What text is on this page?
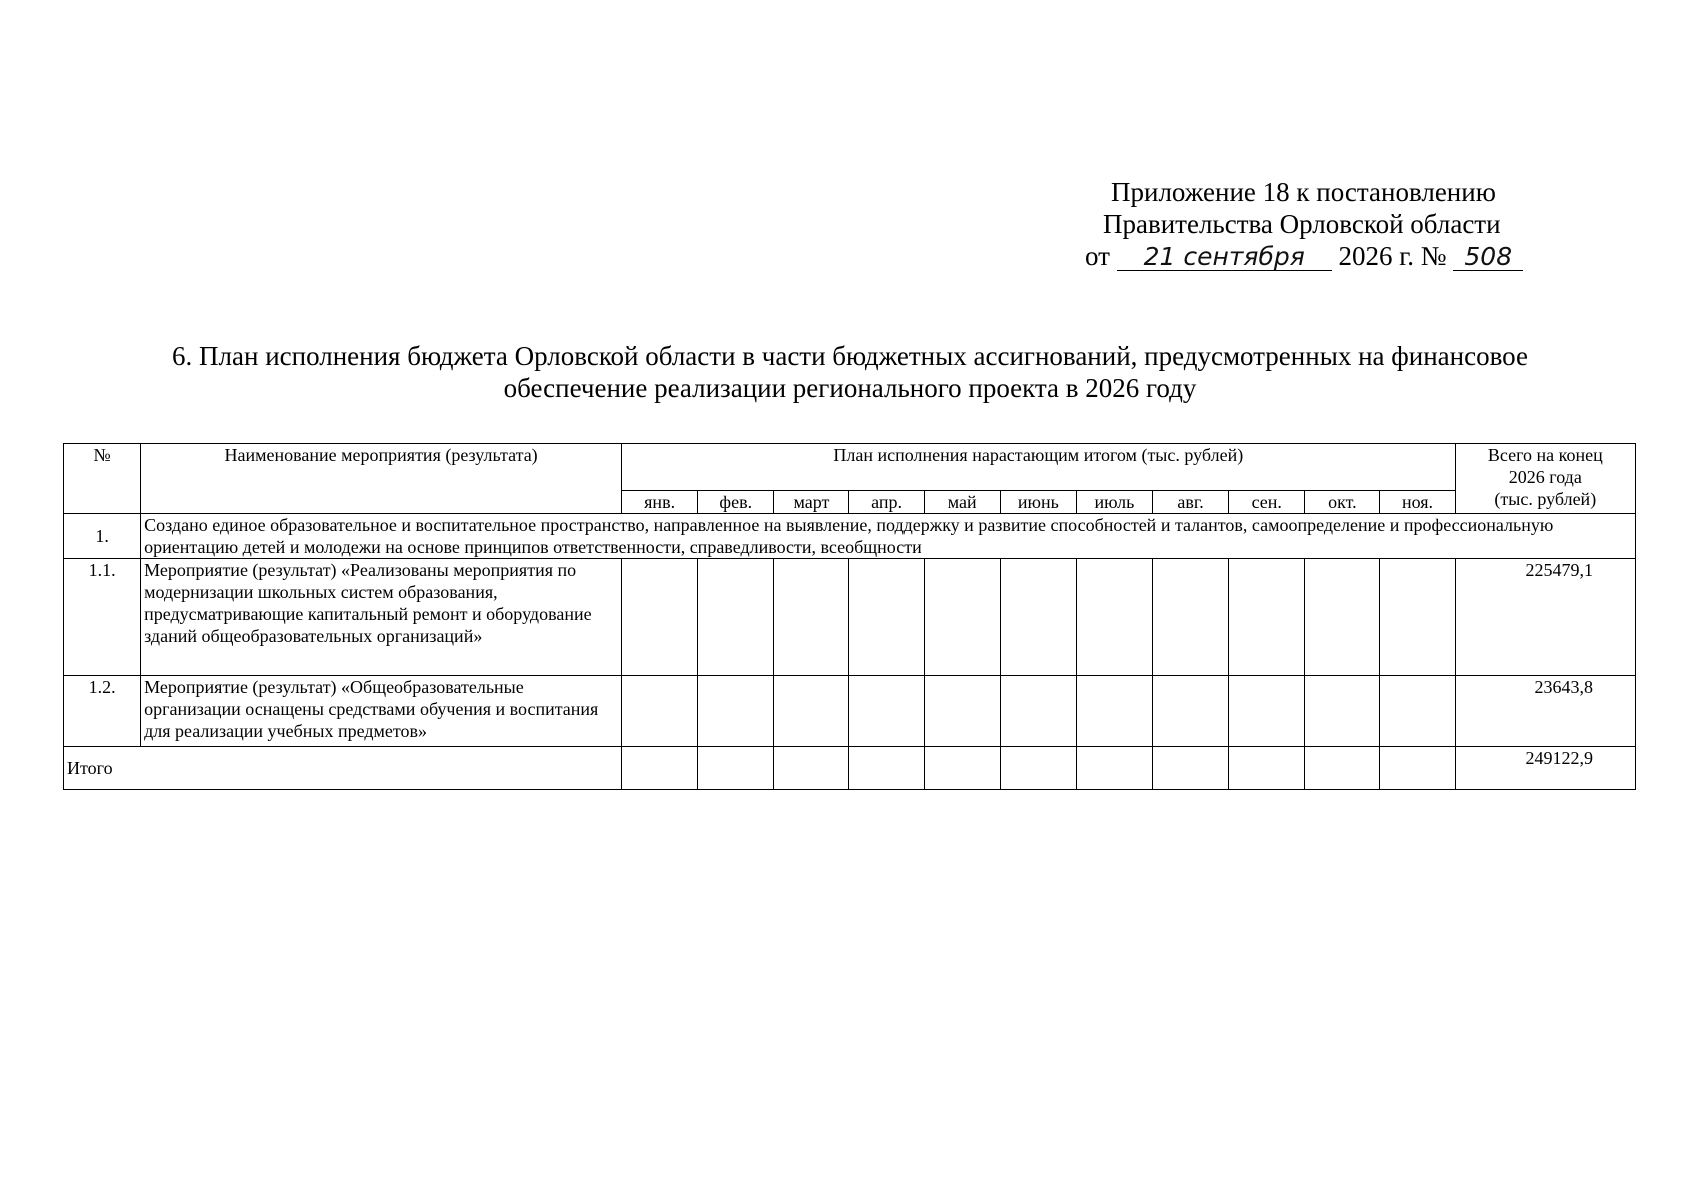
Приложение 18 к постановлению
Правительства Орловской области
от 21 сентября 2026 г. № 508
6. План исполнения бюджета Орловской области в части бюджетных ассигнований, предусмотренных на финансовое
обеспечение реализации регионального проекта в 2026 году
№	Наименование мероприятия (результата)	План исполнения нарастающим итогом (тыс. рублей)											Всего на конец
2026 года
(тыс. рублей)

		янв.	фев.	март	апр.	май	июнь	июль	авг.	сен.	окт.	ноя.	
1.	Создано единое образовательное и воспитательное пространство, направленное на выявление, поддержку и развитие способностей и талантов, самоопределение и профессиональную ориентацию детей и молодежи на основе принципов ответственности, справедливости, всеобщности												
1.1.	Мероприятие (результат) «Реализованы мероприятия по модернизации школьных систем образования, предусматривающие капитальный ремонт и оборудование зданий общеобразовательных организаций»												225479,1
1.2.	Мероприятие (результат) «Общеобразовательные организации оснащены средствами обучения и воспитания для реализации учебных предметов»												23643,8
Итого													249122,9
